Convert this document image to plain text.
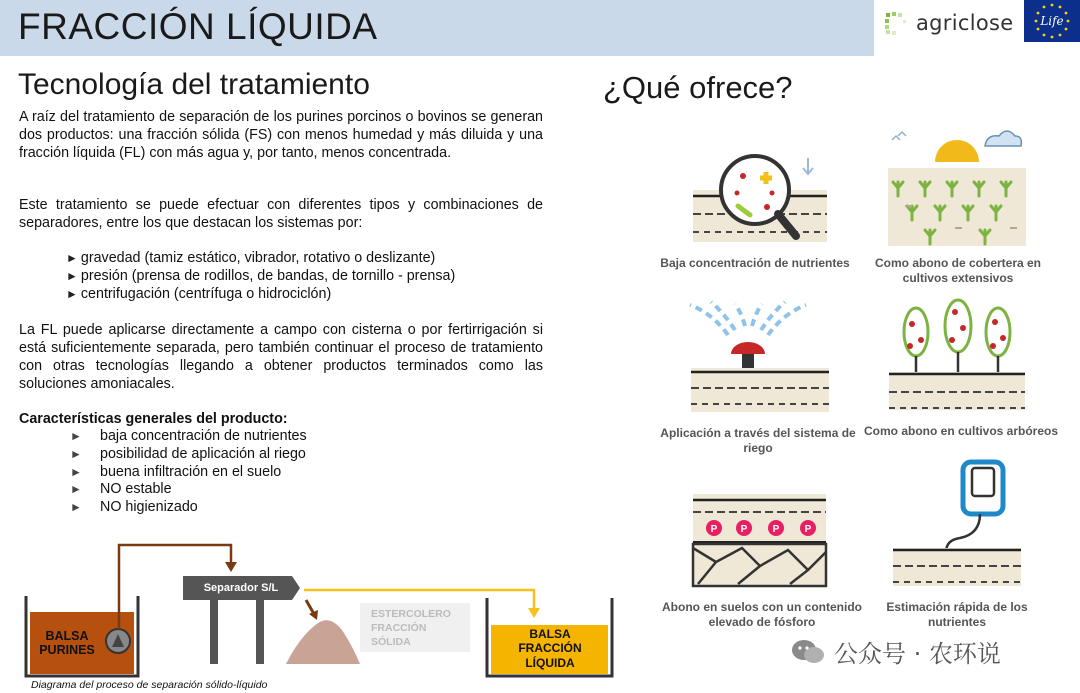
FRACCIÓN LÍQUIDA	agriclose Life
Tecnología del tratamiento

A raíz del tratamiento de separación de los purines porcinos o bovinos se generan dos productos: una fracción sólida (FS) con menos humedad y más diluida y una fracción líquida (FL) con más agua y, por tanto, menos concentrada.

Este tratamiento se puede efectuar con diferentes tipos y combinaciones de separadores, entre los que destacan los sistemas por:

► gravedad (tamiz estático, vibrador, rotativo o deslizante)
► presión (prensa de rodillos, de bandas, de tornillo - prensa)
► centrifugación (centrífuga o hidrociclón)

La FL puede aplicarse directamente a campo con cisterna o por fertirrigación si está suficientemente separada, pero también continuar el proceso de tratamiento con otras tecnologías llegando a obtener productos terminados como las soluciones amoniacales.

Características generales del producto:
►	baja concentración de nutrientes
►	posibilidad de aplicación al riego
►	buena infiltración en el suelo
►	NO estable
►	NO higienizado
BALSA
PURINES
Separador S/L
ESTERCOLERO
FRACCIÓN
SÓLIDA
BALSA
FRACCIÓN
LÍQUIDA
Diagrama del proceso de separación sólido-líquido
¿Qué ofrece?
P P	P	P
Baja concentración de nutrientes	Como abono de cobertera en cultivos extensivos
Aplicación a través del sistema de riego
Como abono en cultivos arbóreos
Abono en suelos con un contenido elevado de fósforo
Estimación rápida de los nutrientes
公众号 · 农环说
